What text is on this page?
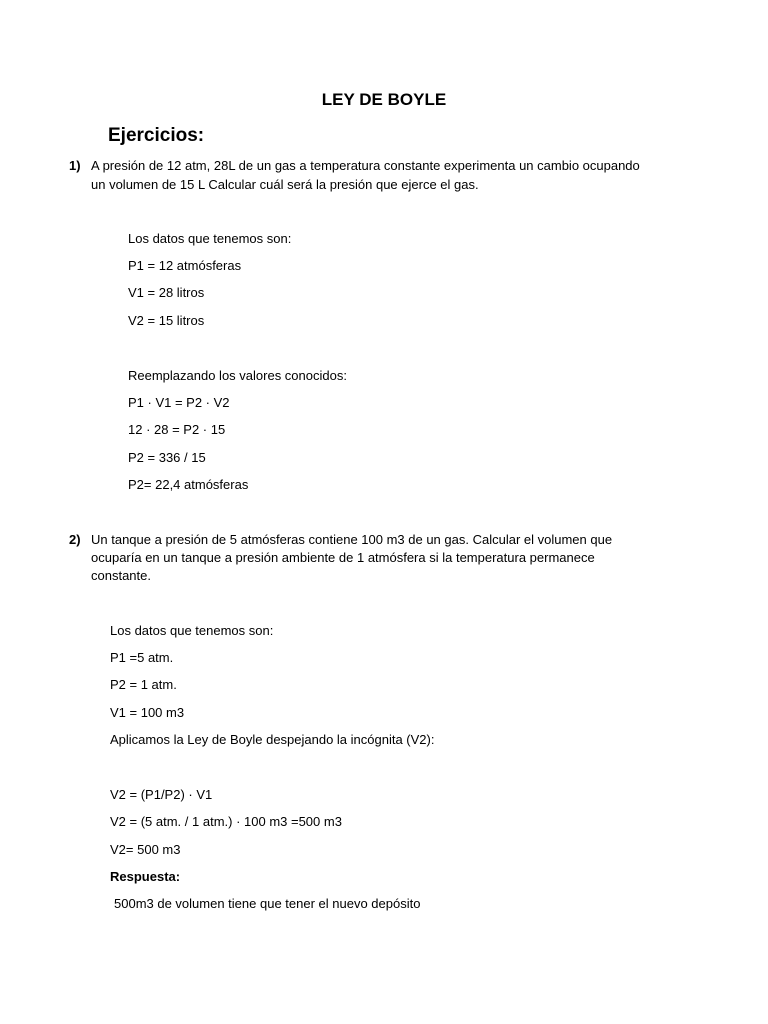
LEY DE BOYLE
Ejercicios:
1) A presión de 12 atm, 28L de un gas a temperatura constante experimenta un cambio ocupando
un volumen de 15 L Calcular cuál será la presión que ejerce el gas.
Los datos que tenemos son:
P1 = 12 atmósferas
V1 = 28 litros
V2 = 15 litros
Reemplazando los valores conocidos:
P1 · V1 = P2 · V2
12 · 28 = P2 · 15
P2 = 336 / 15
P2= 22,4 atmósferas
2) Un tanque a presión de 5 atmósferas contiene 100 m3 de un gas. Calcular el volumen que
ocuparía en un tanque a presión ambiente de 1 atmósfera si la temperatura permanece
constante.
Los datos que tenemos son:
P1 =5 atm.
P2 = 1 atm.
V1 = 100 m3
Aplicamos la Ley de Boyle despejando la incógnita (V2):
V2 = (P1/P2) · V1
V2 = (5 atm. / 1 atm.) · 100 m3 =500 m3
V2= 500 m3
Respuesta:
500m3 de volumen tiene que tener el nuevo depósito
